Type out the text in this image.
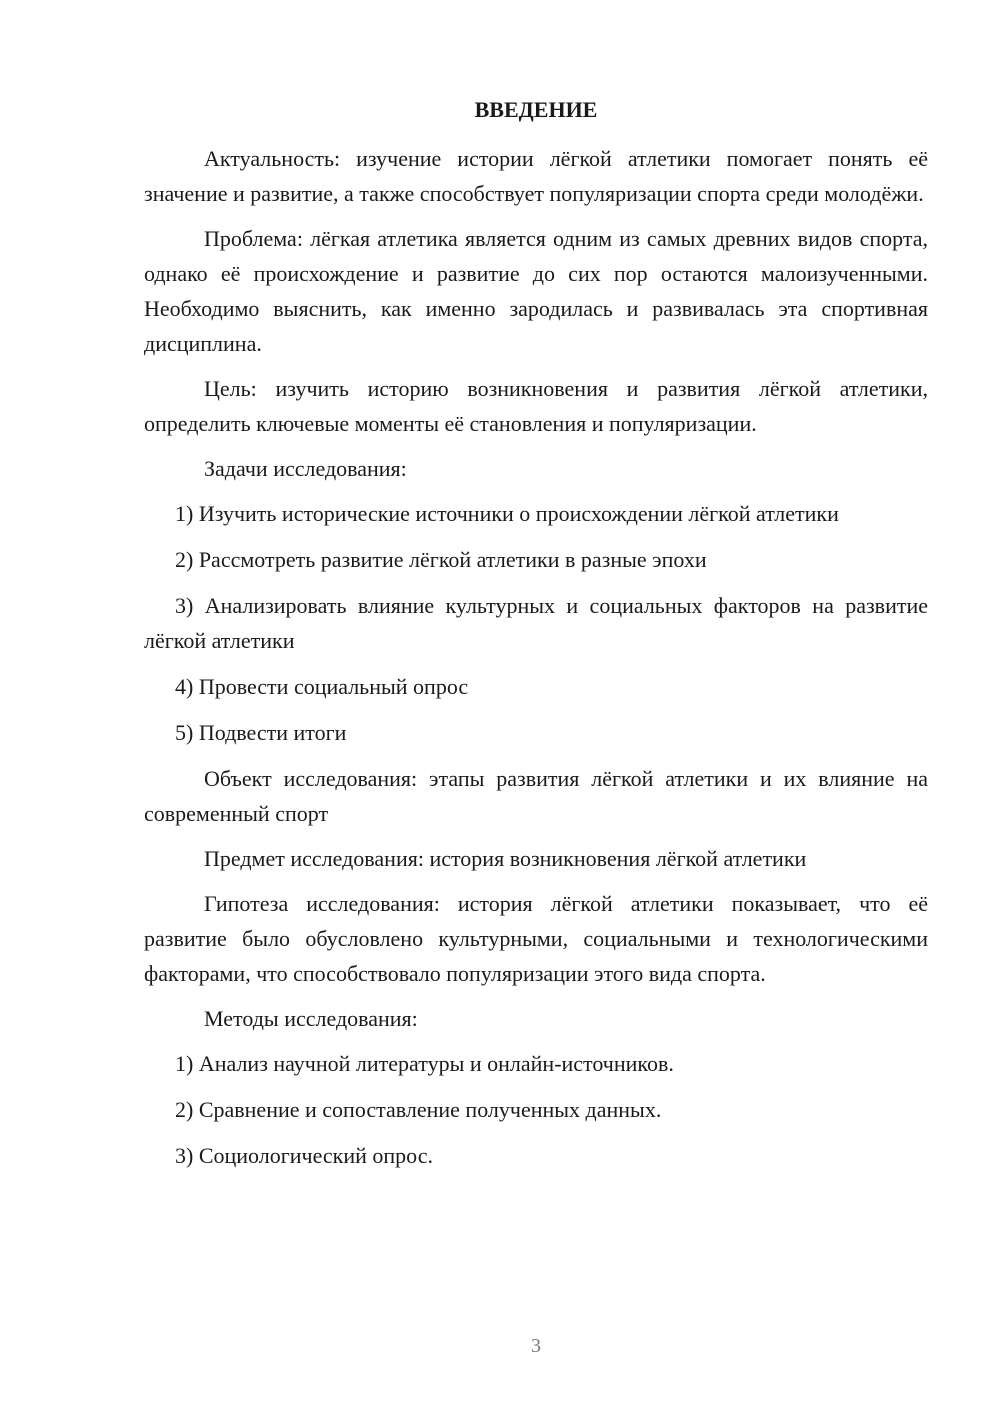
ВВЕДЕНИЕ

Актуальность: изучение истории лёгкой атлетики помогает понять её значение и развитие, а также способствует популяризации спорта среди молодёжи.

Проблема: лёгкая атлетика является одним из самых древних видов спорта, однако её происхождение и развитие до сих пор остаются малоизученными. Необходимо выяснить, как именно зародилась и развивалась эта спортивная дисциплина.

Цель: изучить историю возникновения и развития лёгкой атлетики, определить ключевые моменты её становления и популяризации.

Задачи исследования:

1) Изучить исторические источники о происхождении лёгкой атлетики

2) Рассмотреть развитие лёгкой атлетики в разные эпохи

3) Анализировать влияние культурных и социальных факторов на развитие лёгкой атлетики

4) Провести социальный опрос

5) Подвести итоги

Объект исследования: этапы развития лёгкой атлетики и их влияние на современный спорт

Предмет исследования: история возникновения лёгкой атлетики

Гипотеза исследования: история лёгкой атлетики показывает, что её развитие было обусловлено культурными, социальными и технологическими факторами, что способствовало популяризации этого вида спорта.

Методы исследования:

1) Анализ научной литературы и онлайн-источников.

2) Сравнение и сопоставление полученных данных.

3) Социологический опрос.

3
